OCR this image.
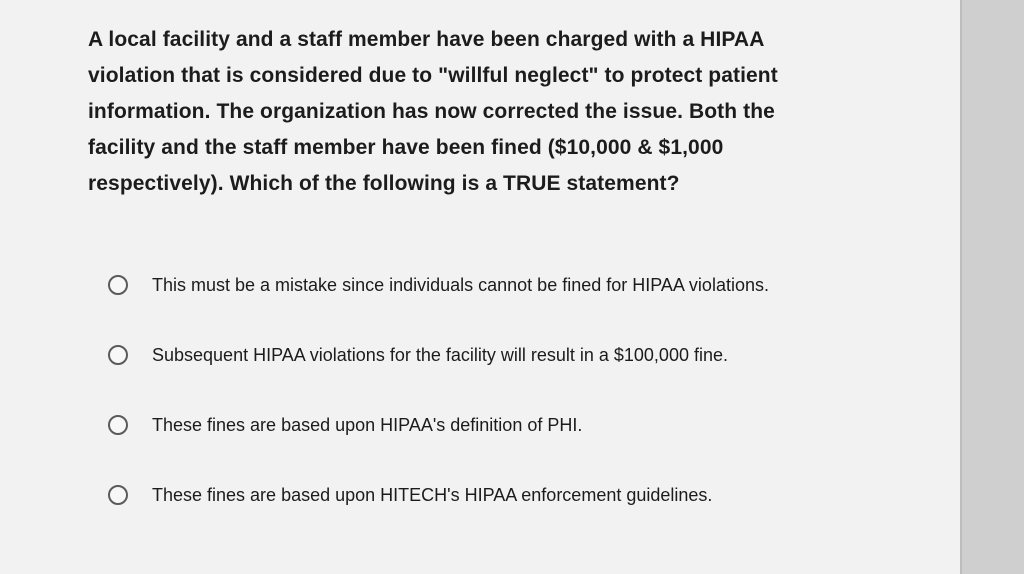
A local facility and a staff member have been charged with a HIPAA violation that is considered due to "willful neglect" to protect patient information. The organization has now corrected the issue. Both the facility and the staff member have been fined ($10,000 & $1,000 respectively). Which of the following is a TRUE statement?
This must be a mistake since individuals cannot be fined for HIPAA violations.
Subsequent HIPAA violations for the facility will result in a $100,000 fine.
These fines are based upon HIPAA's definition of PHI.
These fines are based upon HITECH's HIPAA enforcement guidelines.
